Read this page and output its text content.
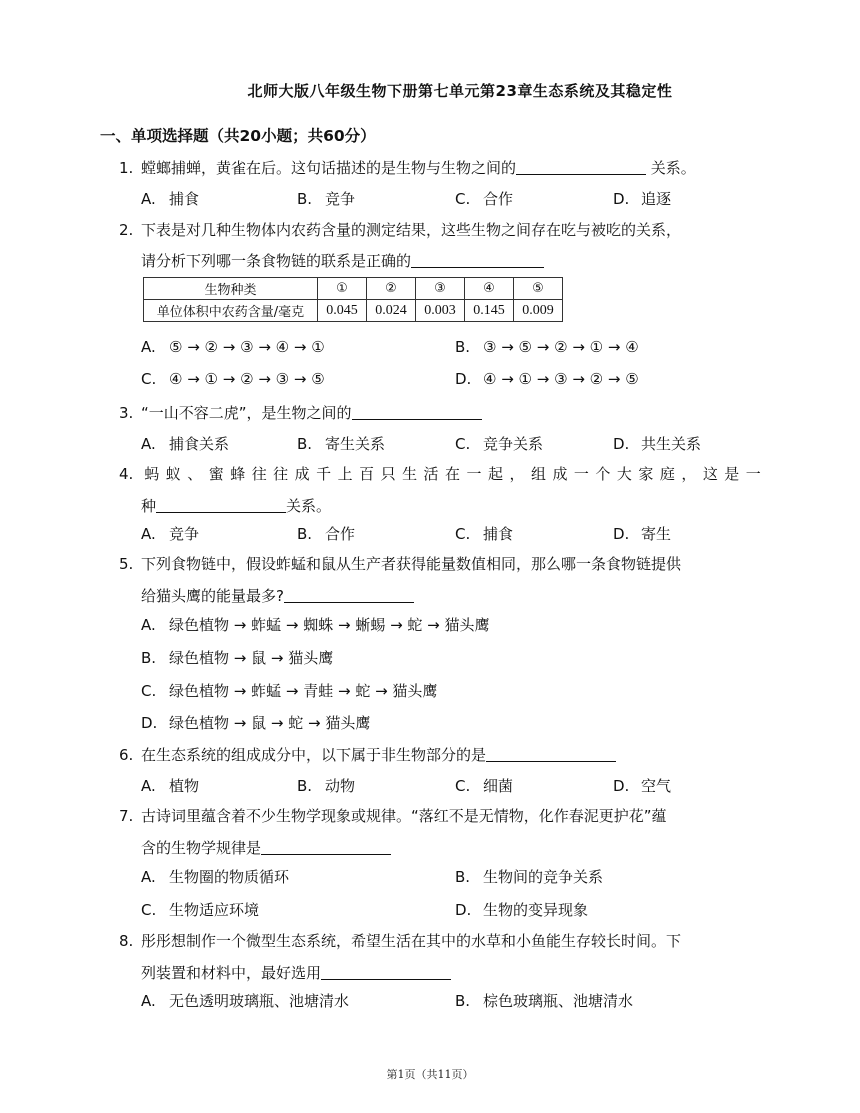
北师大版八年级生物下册第七单元第23章生态系统及其稳定性
一、单项选择题（共20小题；共60分）
1. 螳螂捕蝉，黄雀在后。这句话描述的是生物与生物之间的	关系。
A. 捕食	B. 竞争	C. 合作	D. 追逐
2. 下表是对几种生物体内农药含量的测定结果，这些生物之间存在吃与被吃的关系，
请分析下列哪一条食物链的联系是正确的
生物种类	①	②	③	④	⑤
单位体积中农药含量/毫克	0.045	0.024	0.003	0.145	0.009
A. ⑤ → ② → ③ → ④ → ①	B. ③ → ⑤ → ② → ① → ④
C. ④ → ① → ② → ③ → ⑤	D. ④ → ① → ③ → ② → ⑤
3. “一山不容二虎”，是生物之间的
A. 捕食关系	B. 寄生关系	C. 竞争关系	D. 共生关系
4. 蚂蚁、蜜蜂往往成千上百只生活在一起，组成一个大家庭，这是一
种	关系。
A. 竞争	B. 合作	C. 捕食	D. 寄生
5. 下列食物链中，假设蚱蜢和鼠从生产者获得能量数值相同，那么哪一条食物链提供
给猫头鹰的能量最多?
A. 绿色植物 → 蚱蜢 → 蜘蛛 → 蜥蜴 → 蛇 → 猫头鹰
B. 绿色植物 → 鼠 → 猫头鹰
C. 绿色植物 → 蚱蜢 → 青蛙 → 蛇 → 猫头鹰
D. 绿色植物 → 鼠 → 蛇 → 猫头鹰
6. 在生态系统的组成成分中，以下属于非生物部分的是
A. 植物	B. 动物	C. 细菌	D. 空气
7. 古诗词里蕴含着不少生物学现象或规律。“落红不是无情物，化作春泥更护花”蕴
含的生物学规律是
A. 生物圈的物质循环	B. 生物间的竞争关系
C. 生物适应环境	D. 生物的变异现象
8. 彤彤想制作一个微型生态系统，希望生活在其中的水草和小鱼能生存较长时间。下
列装置和材料中，最好选用
A. 无色透明玻璃瓶、池塘清水	B. 棕色玻璃瓶、池塘清水
第1页（共11页）
